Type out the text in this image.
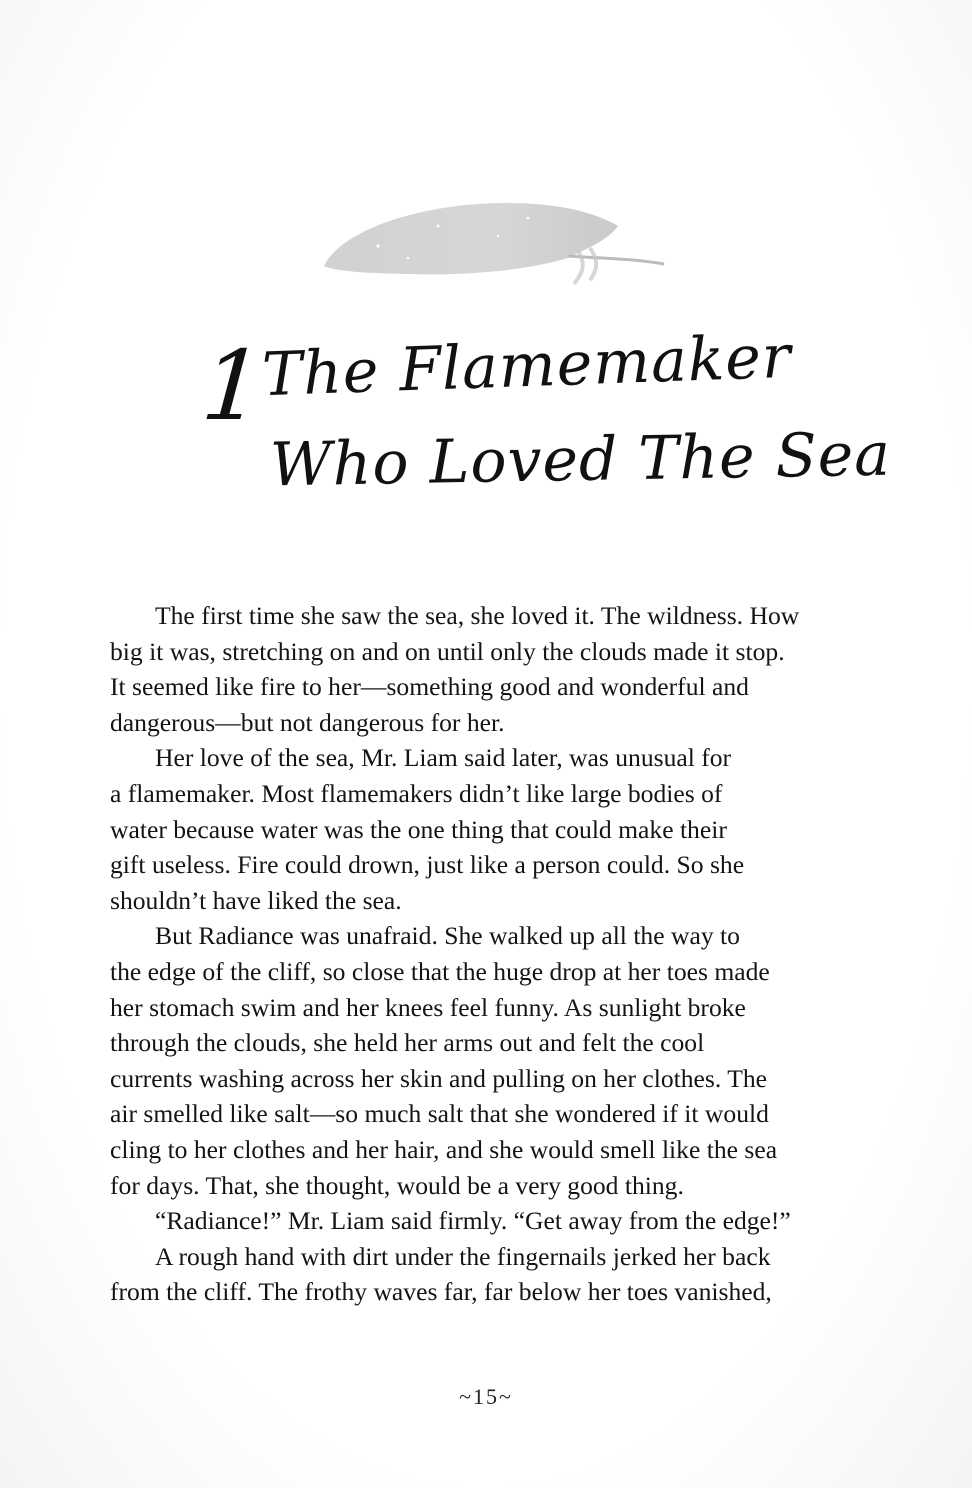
1
The Flamemaker
Who Loved The Sea

The first time she saw the sea, she loved it. The wildness. How
big it was, stretching on and on until only the clouds made it stop.
It seemed like fire to her—something good and wonderful and
dangerous—but not dangerous for her.

Her love of the sea, Mr. Liam said later, was unusual for
a flamemaker. Most flamemakers didn’t like large bodies of
water because water was the one thing that could make their
gift useless. Fire could drown, just like a person could. So she
shouldn’t have liked the sea.

But Radiance was unafraid. She walked up all the way to
the edge of the cliff, so close that the huge drop at her toes made
her stomach swim and her knees feel funny. As sunlight broke
through the clouds, she held her arms out and felt the cool
currents washing across her skin and pulling on her clothes. The
air smelled like salt—so much salt that she wondered if it would
cling to her clothes and her hair, and she would smell like the sea
for days. That, she thought, would be a very good thing.

“Radiance!” Mr. Liam said firmly. “Get away from the edge!”

A rough hand with dirt under the fingernails jerked her back
from the cliff. The frothy waves far, far below her toes vanished,

~15~
